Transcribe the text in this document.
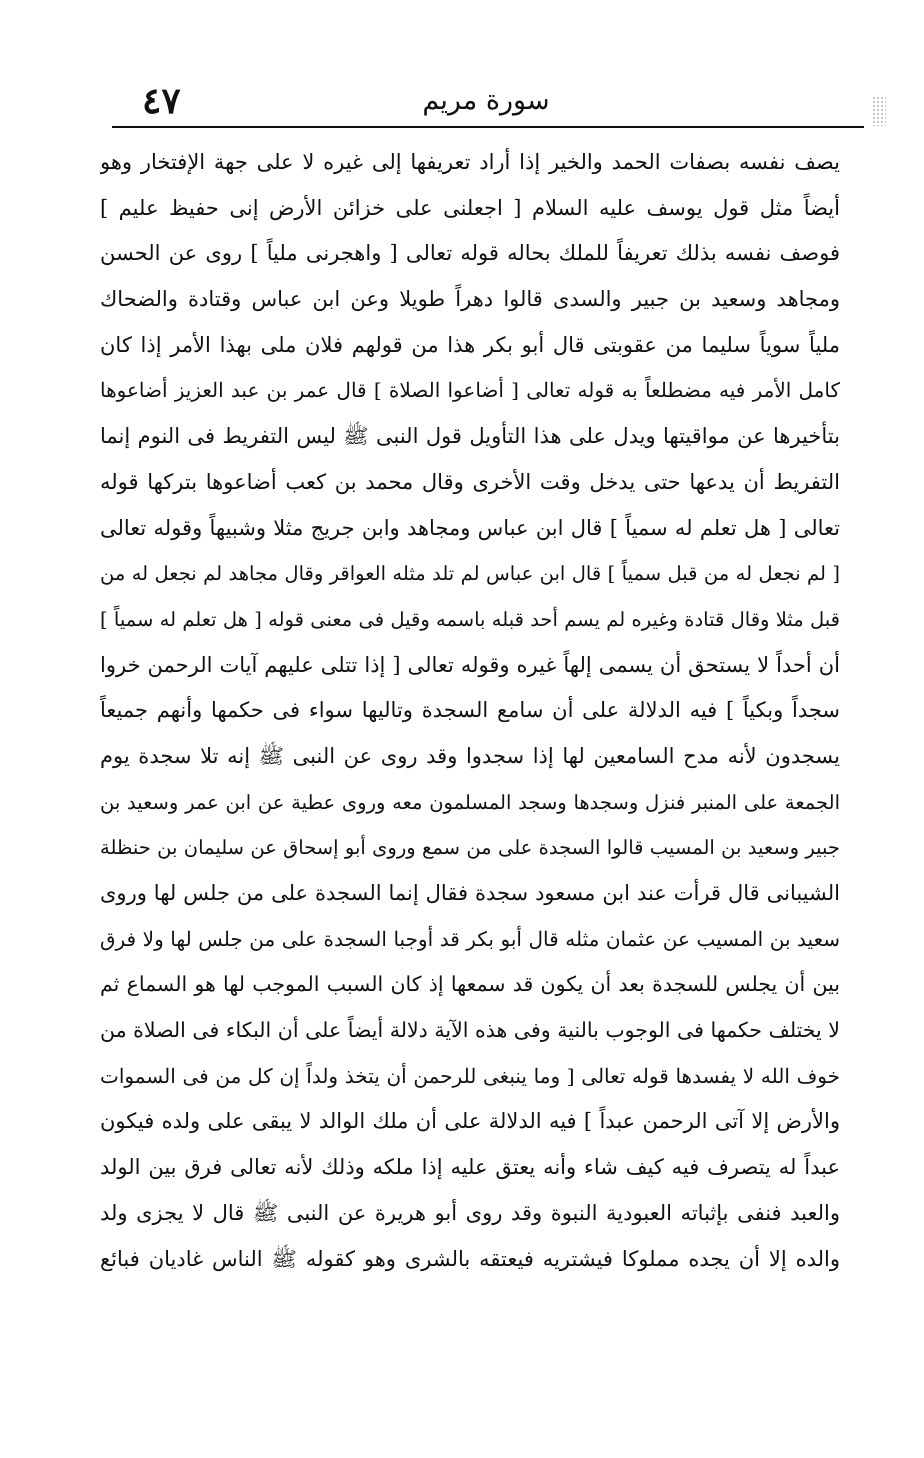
٤٧	سورة مريم
يصف نفسه بصفات الحمد والخير إذا أراد تعريفها إلى غيره لا على جهة الإفتخار وهو
أيضاً مثل قول يوسف عليه السلام [ اجعلنى على خزائن الأرض إنى حفيظ عليم ]
فوصف نفسه بذلك تعريفاً للملك بحاله قوله تعالى [ واهجرنى ملياً ] روى عن الحسن
ومجاهد وسعيد بن جبير والسدى قالوا دهراً طويلا وعن ابن عباس وقتادة والضحاك
ملياً سوياً سليما من عقوبتى قال أبو بكر هذا من قولهم فلان ملى بهذا الأمر إذا كان
كامل الأمر فيه مضطلعاً به قوله تعالى [ أضاعوا الصلاة ] قال عمر بن عبد العزيز أضاعوها
بتأخيرها عن مواقيتها ويدل على هذا التأويل قول النبى ﷺ ليس التفريط فى النوم إنما
التفريط أن يدعها حتى يدخل وقت الأخرى وقال محمد بن كعب أضاعوها بتركها قوله
تعالى [ هل تعلم له سمياً ] قال ابن عباس ومجاهد وابن جريج مثلا وشبيهاً وقوله تعالى
[ لم نجعل له من قبل سمياً ] قال ابن عباس لم تلد مثله العواقر وقال مجاهد لم نجعل له من
قبل مثلا وقال قتادة وغيره لم يسم أحد قبله باسمه وقيل فى معنى قوله [ هل تعلم له سمياً ]
أن أحداً لا يستحق أن يسمى إلهاً غيره وقوله تعالى [ إذا تتلى عليهم آيات الرحمن خروا
سجداً وبكياً ] فيه الدلالة على أن سامع السجدة وتاليها سواء فى حكمها وأنهم جميعاً
يسجدون لأنه مدح السامعين لها إذا سجدوا وقد روى عن النبى ﷺ إنه تلا سجدة يوم
الجمعة على المنبر فنزل وسجدها وسجد المسلمون معه وروى عطية عن ابن عمر وسعيد بن
جبير وسعيد بن المسيب قالوا السجدة على من سمع وروى أبو إسحاق عن سليمان بن حنظلة
الشيبانى قال قرأت عند ابن مسعود سجدة فقال إنما السجدة على من جلس لها وروى
سعيد بن المسيب عن عثمان مثله قال أبو بكر قد أوجبا السجدة على من جلس لها ولا فرق
بين أن يجلس للسجدة بعد أن يكون قد سمعها إذ كان السبب الموجب لها هو السماع ثم
لا يختلف حكمها فى الوجوب بالنية وفى هذه الآية دلالة أيضاً على أن البكاء فى الصلاة من
خوف الله لا يفسدها قوله تعالى [ وما ينبغى للرحمن أن يتخذ ولداً إن كل من فى السموات
والأرض إلا آتى الرحمن عبداً ] فيه الدلالة على أن ملك الوالد لا يبقى على ولده فيكون
عبداً له يتصرف فيه كيف شاء وأنه يعتق عليه إذا ملكه وذلك لأنه تعالى فرق بين الولد
والعبد فنفى بإثباته العبودية النبوة وقد روى أبو هريرة عن النبى ﷺ قال لا يجزى ولد
والده إلا أن يجده مملوكا فيشتريه فيعتقه بالشرى وهو كقوله ﷺ الناس غاديان فبائع
